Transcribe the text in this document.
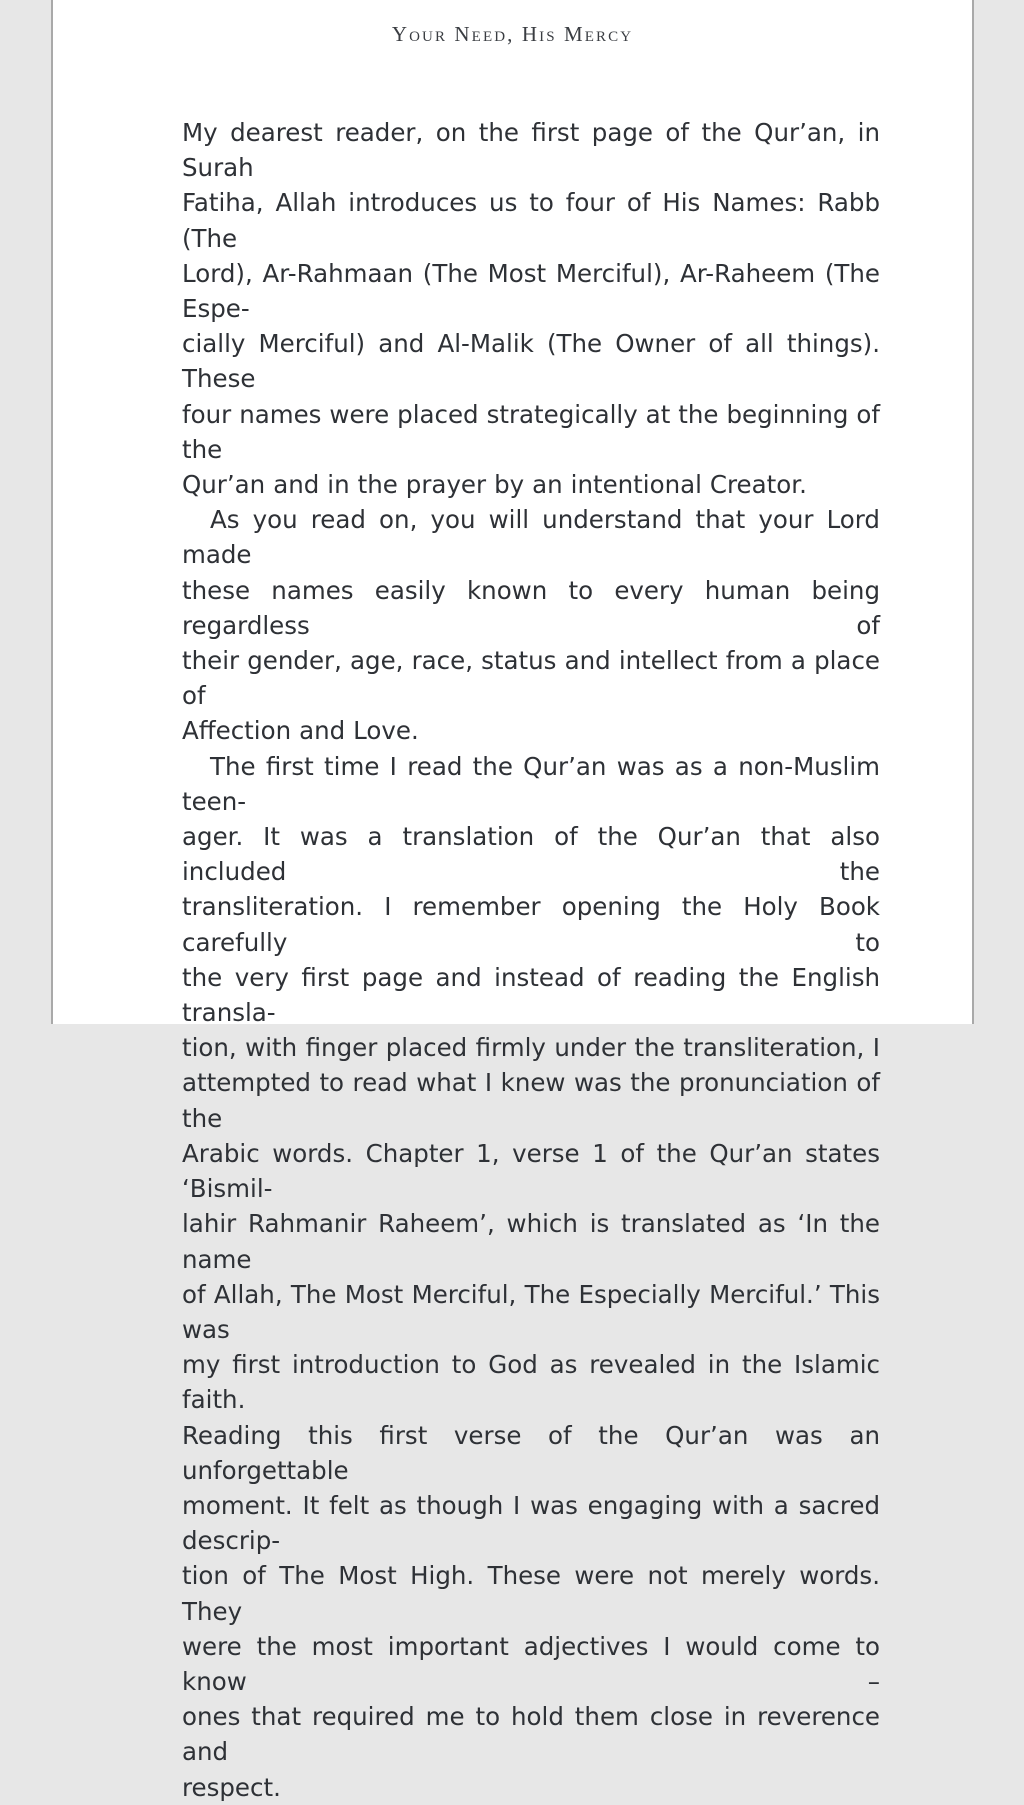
Your Need, His Mercy

My dearest reader, on the first page of the Qur’an, in Surah
Fatiha, Allah introduces us to four of His Names: Rabb (The
Lord), Ar-Rahmaan (The Most Merciful), Ar-Raheem (The Espe-
cially Merciful) and Al-Malik (The Owner of all things). These
four names were placed strategically at the beginning of the
Qur’an and in the prayer by an intentional Creator.

As you read on, you will understand that your Lord made
these names easily known to every human being regardless of
their gender, age, race, status and intellect from a place of
Affection and Love.

The first time I read the Qur’an was as a non-Muslim teen-
ager. It was a translation of the Qur’an that also included the
transliteration. I remember opening the Holy Book carefully to
the very first page and instead of reading the English transla-
tion, with finger placed firmly under the transliteration, I
attempted to read what I knew was the pronunciation of the
Arabic words. Chapter 1, verse 1 of the Qur’an states ‘Bismil-
lahir Rahmanir Raheem’, which is translated as ‘In the name
of Allah, The Most Merciful, The Especially Merciful.’ This was
my first introduction to God as revealed in the Islamic faith.
Reading this first verse of the Qur’an was an unforgettable
moment. It felt as though I was engaging with a sacred descrip-
tion of The Most High. These were not merely words. They
were the most important adjectives I would come to know –
ones that required me to hold them close in reverence and
respect.
